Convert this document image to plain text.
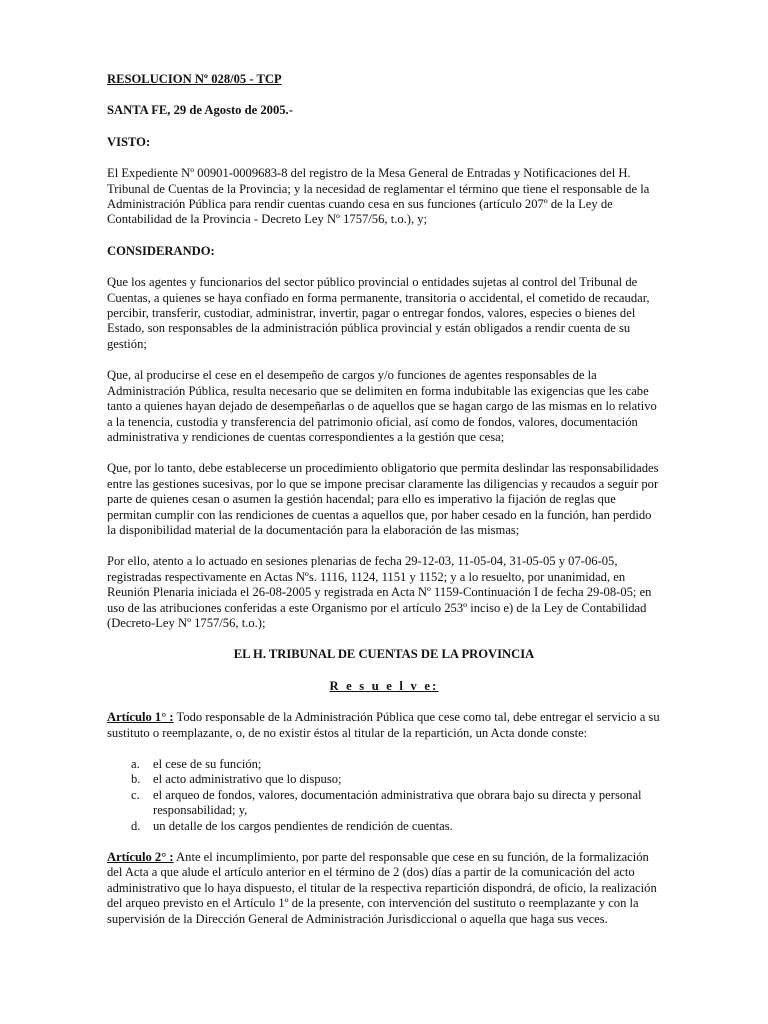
RESOLUCION Nº 028/05 - TCP

SANTA FE, 29 de Agosto de 2005.-

VISTO:

El Expediente Nº 00901-0009683-8 del registro de la Mesa General de Entradas y Notificaciones del H. Tribunal de Cuentas de la Provincia; y la necesidad de reglamentar el término que tiene el responsable de la Administración Pública para rendir cuentas cuando cesa en sus funciones (artículo 207º de la Ley de Contabilidad de la Provincia - Decreto Ley Nº 1757/56, t.o.), y;

CONSIDERANDO:

Que los agentes y funcionarios del sector público provincial o entidades sujetas al control del Tribunal de Cuentas, a quienes se haya confiado en forma permanente, transitoria o accidental, el cometido de recaudar, percibir, transferir, custodiar, administrar, invertir, pagar o entregar fondos, valores, especies o bienes del Estado, son responsables de la administración pública provincial y están obligados a rendir cuenta de su gestión;

Que, al producirse el cese en el desempeño de cargos y/o funciones de agentes responsables de la Administración Pública, resulta necesario que se delimiten en forma indubitable las exigencias que les cabe tanto a quienes hayan dejado de desempeñarlas o de aquellos que se hagan cargo de las mismas en lo relativo a la tenencia, custodia y transferencia del patrimonio oficial, así como de fondos, valores, documentación administrativa y rendiciones de cuentas correspondientes a la gestión que cesa;

Que, por lo tanto, debe establecerse un procedimiento obligatorio que permita deslindar las responsabilidades entre las gestiones sucesivas, por lo que se impone precisar claramente las diligencias y recaudos a seguir por parte de quienes cesan o asumen la gestión hacendal; para ello es imperativo la fijación de reglas que permitan cumplir con las rendiciones de cuentas a aquellos que, por haber cesado en la función, han perdido la disponibilidad material de la documentación para la elaboración de las mismas;

Por ello, atento a lo actuado en sesiones plenarias de fecha 29-12-03, 11-05-04, 31-05-05 y 07-06-05, registradas respectivamente en Actas Nºs. 1116, 1124, 1151 y 1152; y a lo resuelto, por unanimidad, en Reunión Plenaria iniciada el 26-08-2005 y registrada en Acta Nº 1159-Continuación I de fecha 29-08-05; en uso de las atribuciones conferidas a este Organismo por el artículo 253º inciso e) de la Ley de Contabilidad (Decreto-Ley Nº 1757/56, t.o.);

EL H. TRIBUNAL DE CUENTAS DE LA PROVINCIA

R e s u e l v e:

Artículo 1° : Todo responsable de la Administración Pública que cese como tal, debe entregar el servicio a su sustituto o reemplazante, o, de no existir éstos al titular de la repartición, un Acta donde conste:

a. el cese de su función;
b. el acto administrativo que lo dispuso;
c. el arqueo de fondos, valores, documentación administrativa que obrara bajo su directa y personal responsabilidad; y,
d. un detalle de los cargos pendientes de rendición de cuentas.

Artículo 2° : Ante el incumplimiento, por parte del responsable que cese en su función, de la formalización del Acta a que alude el artículo anterior en el término de 2 (dos) días a partir de la comunicación del acto administrativo que lo haya dispuesto, el titular de la respectiva repartición dispondrá, de oficio, la realización del arqueo previsto en el Artículo 1º de la presente, con intervención del sustituto o reemplazante y con la supervisión de la Dirección General de Administración Jurisdiccional o aquella que haga sus veces.
